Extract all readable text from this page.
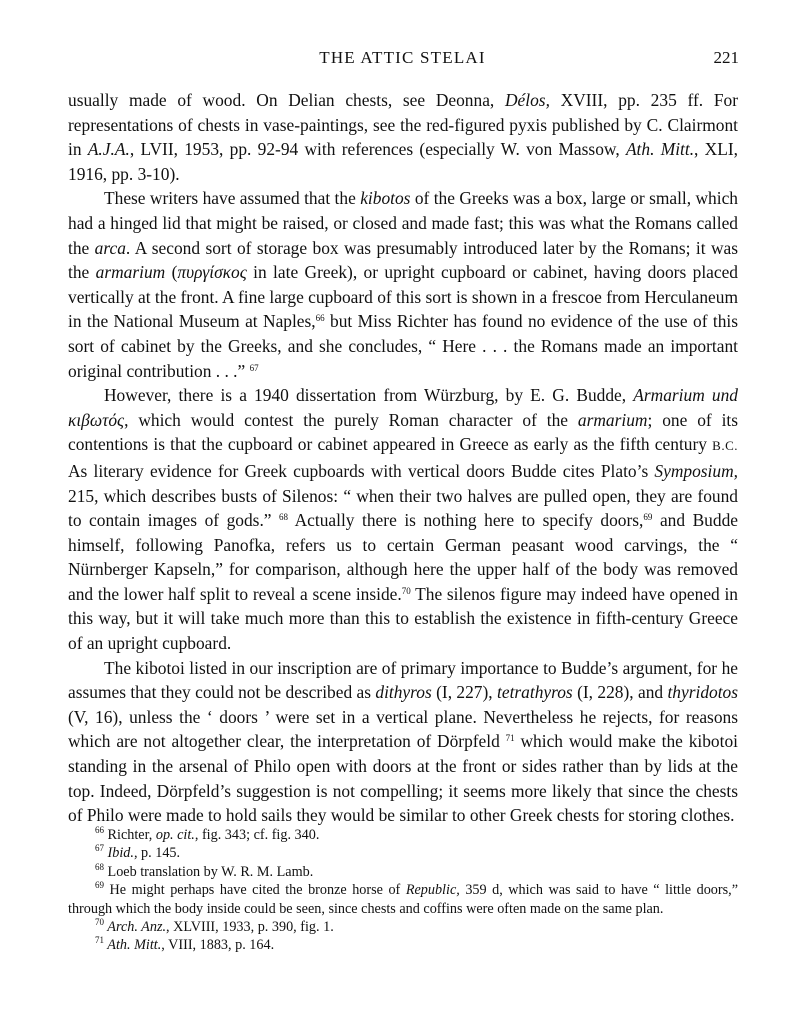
THE ATTIC STELAI	221

usually made of wood. On Delian chests, see Deonna, Délos, XVIII, pp. 235 ff. For representations of chests in vase-paintings, see the red-figured pyxis published by C. Clairmont in A.J.A., LVII, 1953, pp. 92-94 with references (especially W. von Massow, Ath. Mitt., XLI, 1916, pp. 3-10).

These writers have assumed that the kibotos of the Greeks was a box, large or small, which had a hinged lid that might be raised, or closed and made fast; this was what the Romans called the arca. A second sort of storage box was presumably introduced later by the Romans; it was the armarium (πυργίσκος in late Greek), or upright cupboard or cabinet, having doors placed vertically at the front. A fine large cupboard of this sort is shown in a frescoe from Herculaneum in the National Museum at Naples,$^{66}$ but Miss Richter has found no evidence of the use of this sort of cabinet by the Greeks, and she concludes, “ Here . . . the Romans made an important original contribution . . .” $^{67}$

However, there is a 1940 dissertation from Würzburg, by E. G. Budde, Armarium und κιβωτός, which would contest the purely Roman character of the armarium; one of its contentions is that the cupboard or cabinet appeared in Greece as early as the fifth century B.C. As literary evidence for Greek cupboards with vertical doors Budde cites Plato’s Symposium, 215, which describes busts of Silenos: “ when their two halves are pulled open, they are found to contain images of gods.” $^{68}$ Actually there is nothing here to specify doors,$^{69}$ and Budde himself, following Panofka, refers us to certain German peasant wood carvings, the “ Nürnberger Kapseln,” for comparison, although here the upper half of the body was removed and the lower half split to reveal a scene inside.$^{70}$ The silenos figure may indeed have opened in this way, but it will take much more than this to establish the existence in fifth-century Greece of an upright cupboard.

The kibotoi listed in our inscription are of primary importance to Budde’s argument, for he assumes that they could not be described as dithyros (I, 227), tetrathyros (I, 228), and thyridotos (V, 16), unless the ‘ doors ’ were set in a vertical plane. Nevertheless he rejects, for reasons which are not altogether clear, the interpretation of Dörpfeld $^{71}$ which would make the kibotoi standing in the arsenal of Philo open with doors at the front or sides rather than by lids at the top. Indeed, Dörpfeld’s suggestion is not compelling; it seems more likely that since the chests of Philo were made to hold sails they would be similar to other Greek chests for storing clothes.

$^{66}$ Richter, op. cit., fig. 343; cf. fig. 340.

$^{67}$ Ibid., p. 145.

$^{68}$ Loeb translation by W. R. M. Lamb.

$^{69}$ He might perhaps have cited the bronze horse of Republic, 359 d, which was said to have “ little doors,” through which the body inside could be seen, since chests and coffins were often made on the same plan.

$^{70}$ Arch. Anz., XLVIII, 1933, p. 390, fig. 1.

$^{71}$ Ath. Mitt., VIII, 1883, p. 164.
